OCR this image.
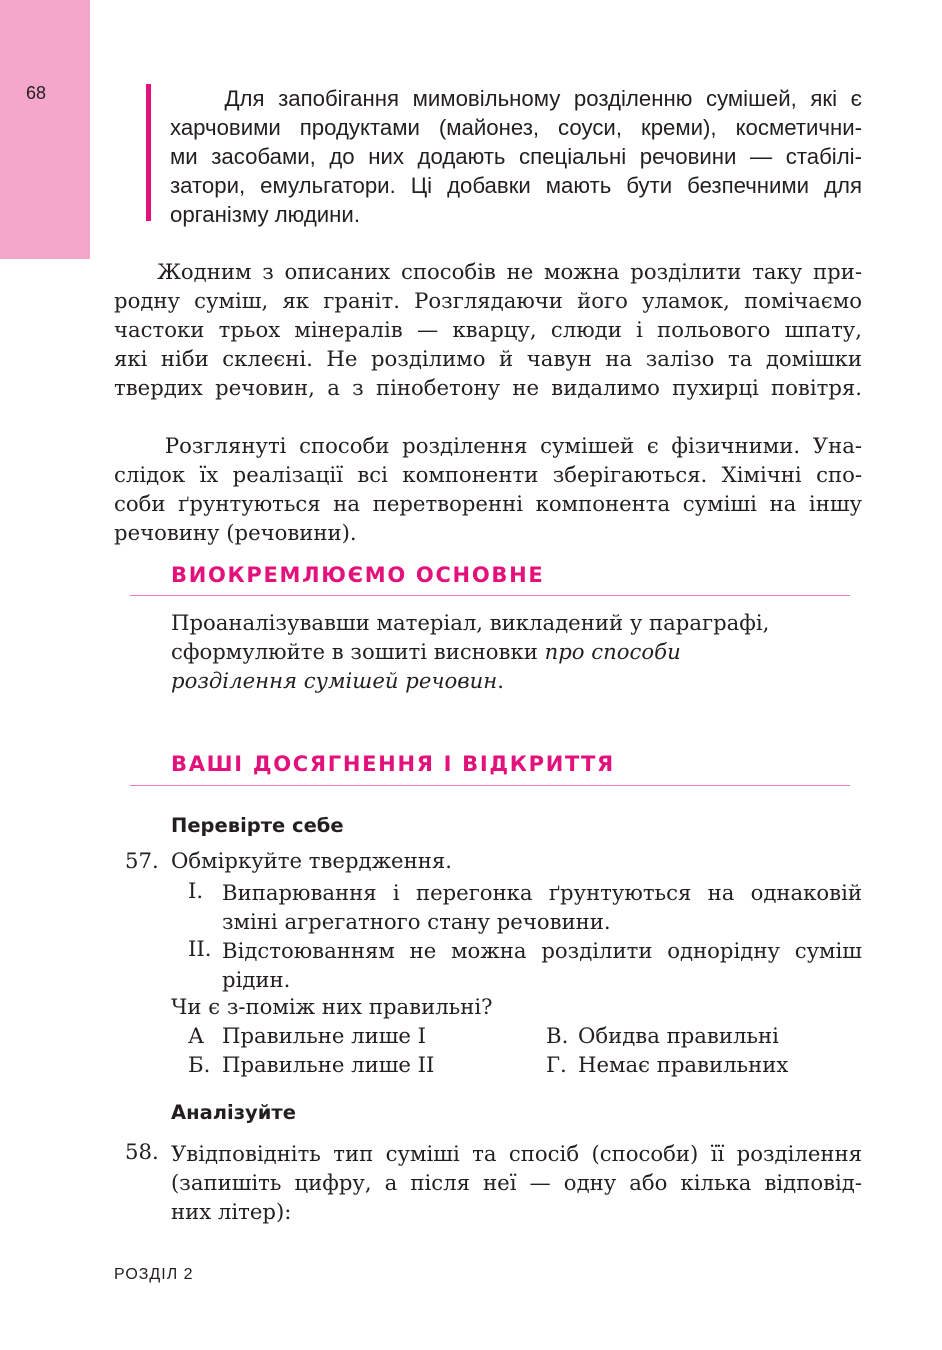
68	Для запобігання мимовільному розділенню сумішей, які є
харчовими продуктами (майонез, соуси, креми), косметични-
ми засобами, до них додають спеціальні речовини — стабілі-
затори, емульгатори. Ці добавки мають бути безпечними для
організму людини.
Жодним з описаних способів не можна розділити таку при-
родну суміш, як граніт. Розглядаючи його уламок, помічаємо
частоки трьох мінералів — кварцу, слюди і польового шпату,
які ніби склеєні. Не розділимо й чавун на залізо та домішки
твердих речовин, а з пінобетону не видалимо пухирці повітря.
Розглянуті способи розділення сумішей є фізичними. Уна-
слідок їх реалізації всі компоненти зберігаються. Хімічні спо-
соби ґрунтуються на перетворенні компонента суміші на іншу
речовину (речовини).
ВИОКРЕМЛЮЄМО ОСНОВНЕ
Проаналізувавши матеріал, викладений у параграфі,
сформулюйте в зошиті висновки про способи
розділення сумішей речовин.
ВАШІ ДОСЯГНЕННЯ І ВІДКРИТТЯ
Перевірте себе
57. Обміркуйте твердження.
I. Випарювання і перегонка ґрунтуються на однаковій
зміні агрегатного стану речовини.
II. Відстоюванням не можна розділити однорідну суміш
рідин.
Чи є з-поміж них правильні?
А Правильне лише I
Б. Правильне лише II
В. Обидва правильні
Г. Немає правильних
Аналізуйте
58. Увідповідніть тип суміші та спосіб (способи) її розділення
(запишіть цифру, а після неї — одну або кілька відповід-
них літер):
РОЗДІЛ 2
